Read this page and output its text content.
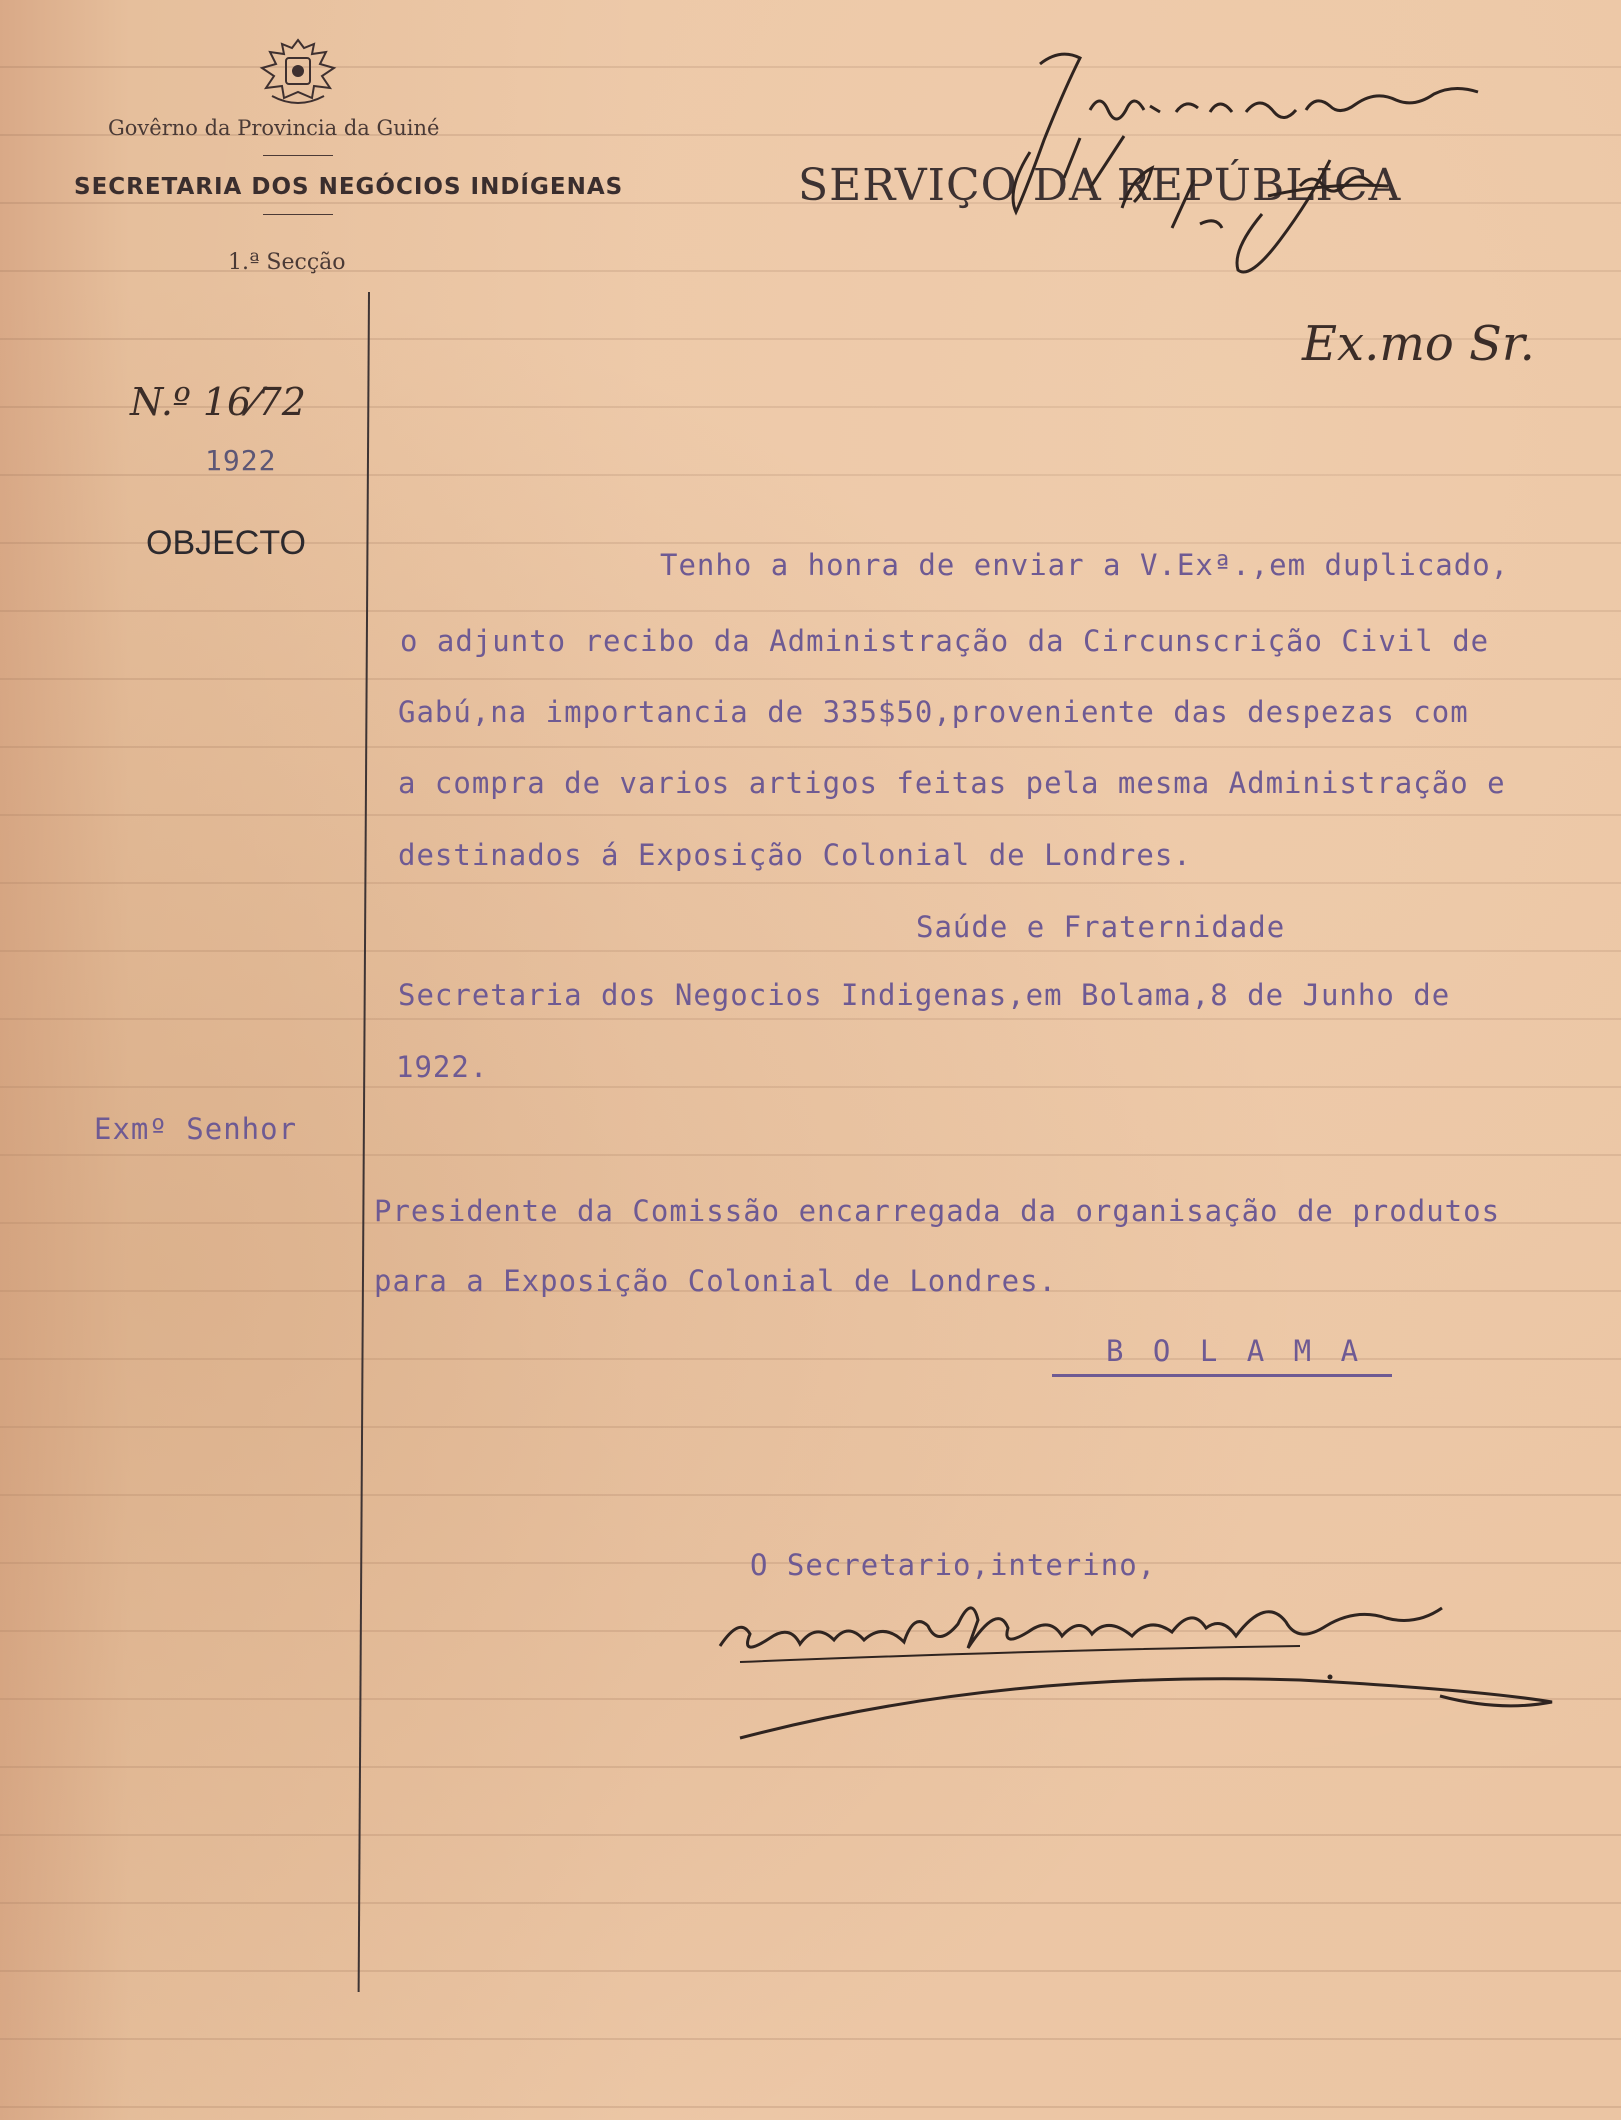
Govêrno da Provincia da Guiné
SECRETARIA DOS NEGÓCIOS INDÍGENAS
1.ª Secção
SERVIÇO DA REPÚBLICA
Ex.mo Sr.
N.º 16⁄72
1922
OBJECTO
Tenho a honra de enviar a V.Exª.,em duplicado,
o adjunto recibo da Administração da Circunscrição Civil de
Gabú,na importancia de 335$50,proveniente das despezas com
a compra de varios artigos feitas pela mesma Administração e
destinados á Exposição Colonial de Londres.
Saúde e Fraternidade
Secretaria dos Negocios Indigenas,em Bolama,8 de Junho de
1922.
Exmº Senhor
Presidente da Comissão encarregada da organisação de produtos
para a Exposição Colonial de Londres.
B O L A M A
O Secretario,interino,
